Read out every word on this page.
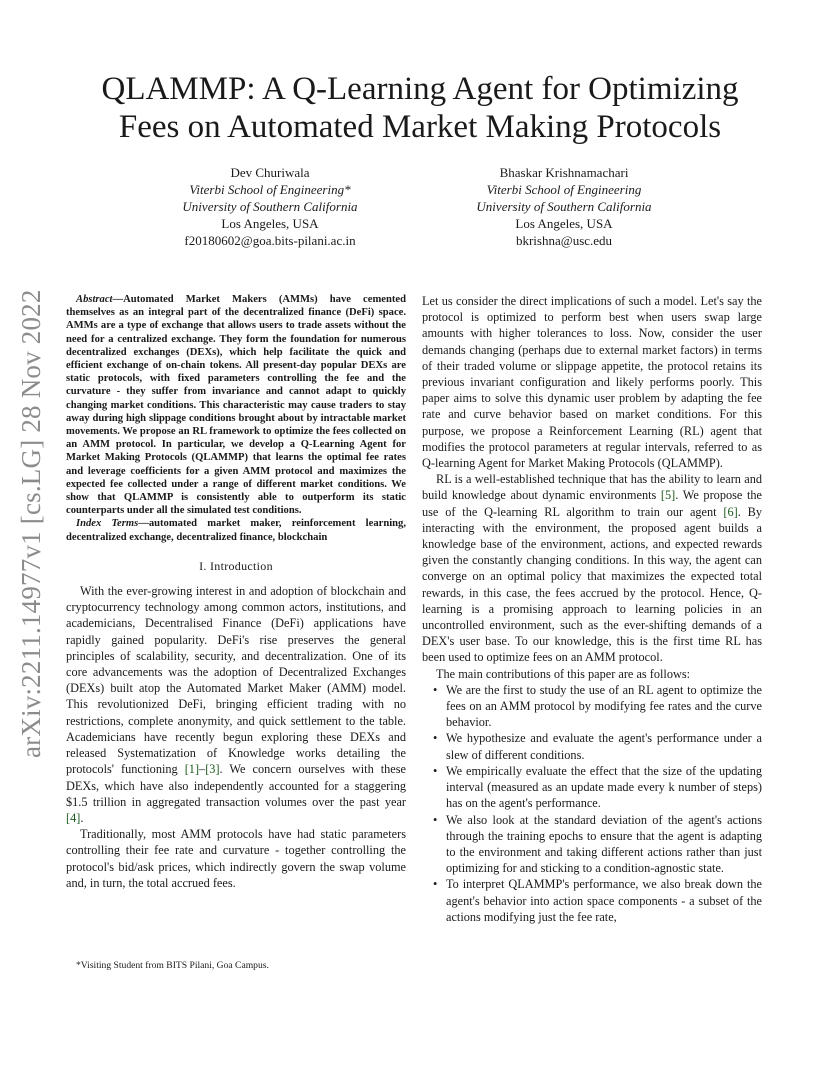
arXiv:2211.14977v1 [cs.LG] 28 Nov 2022
QLAMMP: A Q-Learning Agent for Optimizing Fees on Automated Market Making Protocols
Dev Churiwala
Viterbi School of Engineering*
University of Southern California
Los Angeles, USA
f20180602@goa.bits-pilani.ac.in
Bhaskar Krishnamachari
Viterbi School of Engineering
University of Southern California
Los Angeles, USA
bkrishna@usc.edu

Abstract—Automated Market Makers (AMMs) have cemented themselves as an integral part of the decentralized finance (DeFi) space. AMMs are a type of exchange that allows users to trade assets without the need for a centralized exchange. They form the foundation for numerous decentralized exchanges (DEXs), which help facilitate the quick and efficient exchange of on-chain tokens. All present-day popular DEXs are static protocols, with fixed parameters controlling the fee and the curvature - they suffer from invariance and cannot adapt to quickly changing market conditions. This characteristic may cause traders to stay away during high slippage conditions brought about by intractable market movements. We propose an RL framework to optimize the fees collected on an AMM protocol. In particular, we develop a Q-Learning Agent for Market Making Protocols (QLAMMP) that learns the optimal fee rates and leverage coefficients for a given AMM protocol and maximizes the expected fee collected under a range of different market conditions. We show that QLAMMP is consistently able to outperform its static counterparts under all the simulated test conditions.

Index Terms—automated market maker, reinforcement learning, decentralized exchange, decentralized finance, blockchain

I. Introduction

With the ever-growing interest in and adoption of blockchain and cryptocurrency technology among common actors, institutions, and academicians, Decentralised Finance (DeFi) applications have rapidly gained popularity. DeFi's rise preserves the general principles of scalability, security, and decentralization. One of its core advancements was the adoption of Decentralized Exchanges (DEXs) built atop the Automated Market Maker (AMM) model. This revolutionized DeFi, bringing efficient trading with no restrictions, complete anonymity, and quick settlement to the table. Academicians have recently begun exploring these DEXs and released Systematization of Knowledge works detailing the protocols' functioning [1]–[3]. We concern ourselves with these DEXs, which have also independently accounted for a staggering $1.5 trillion in aggregated transaction volumes over the past year [4].

Traditionally, most AMM protocols have had static parameters controlling their fee rate and curvature - together controlling the protocol's bid/ask prices, which indirectly govern the swap volume and, in turn, the total accrued fees.

*Visiting Student from BITS Pilani, Goa Campus.

Let us consider the direct implications of such a model. Let's say the protocol is optimized to perform best when users swap large amounts with higher tolerances to loss. Now, consider the user demands changing (perhaps due to external market factors) in terms of their traded volume or slippage appetite, the protocol retains its previous invariant configuration and likely performs poorly. This paper aims to solve this dynamic user problem by adapting the fee rate and curve behavior based on market conditions. For this purpose, we propose a Reinforcement Learning (RL) agent that modifies the protocol parameters at regular intervals, referred to as Q-learning Agent for Market Making Protocols (QLAMMP).

RL is a well-established technique that has the ability to learn and build knowledge about dynamic environments [5]. We propose the use of the Q-learning RL algorithm to train our agent [6]. By interacting with the environment, the proposed agent builds a knowledge base of the environment, actions, and expected rewards given the constantly changing conditions. In this way, the agent can converge on an optimal policy that maximizes the expected total rewards, in this case, the fees accrued by the protocol. Hence, Q-learning is a promising approach to learning policies in an uncontrolled environment, such as the ever-shifting demands of a DEX's user base. To our knowledge, this is the first time RL has been used to optimize fees on an AMM protocol.

The main contributions of this paper are as follows:

• We are the first to study the use of an RL agent to optimize the fees on an AMM protocol by modifying fee rates and the curve behavior.
• We hypothesize and evaluate the agent's performance under a slew of different conditions.
• We empirically evaluate the effect that the size of the updating interval (measured as an update made every k number of steps) has on the agent's performance.
• We also look at the standard deviation of the agent's actions through the training epochs to ensure that the agent is adapting to the environment and taking different actions rather than just optimizing for and sticking to a condition-agnostic state.
• To interpret QLAMMP's performance, we also break down the agent's behavior into action space components - a subset of the actions modifying just the fee rate,
